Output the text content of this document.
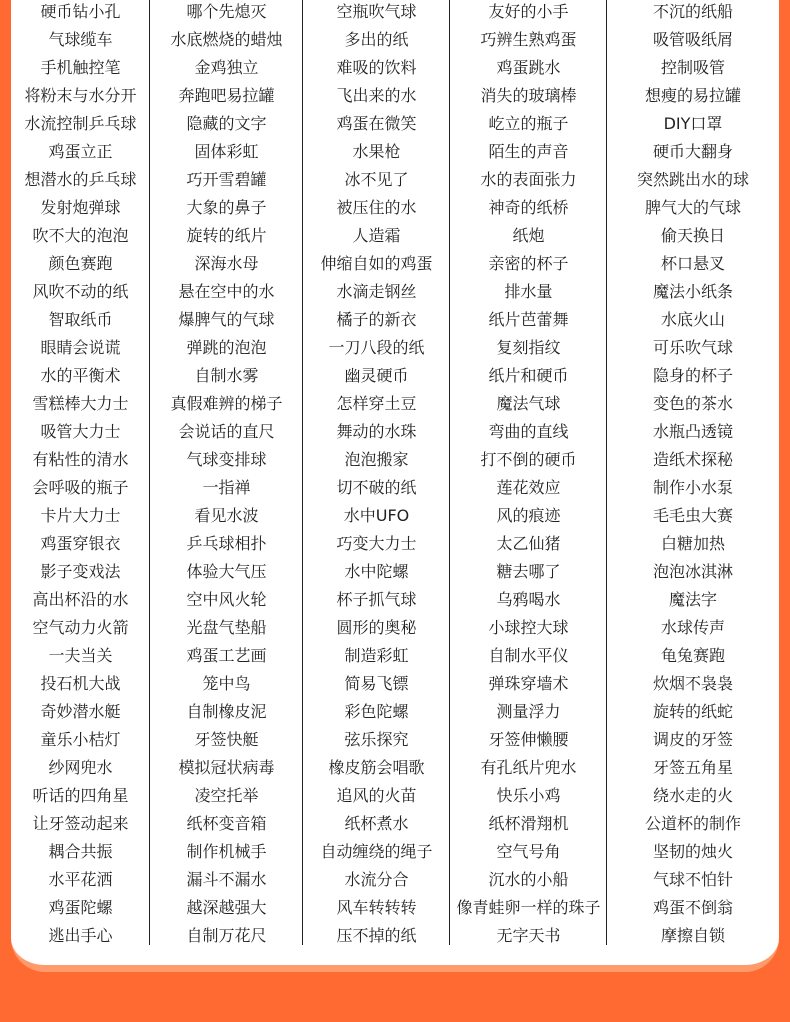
硬币钻小孔
气球缆车
手机触控笔
将粉末与水分开
水流控制乒乓球
鸡蛋立正
想潜水的乒乓球
发射炮弹球
吹不大的泡泡
颜色赛跑
风吹不动的纸
智取纸币
眼睛会说谎
水的平衡术
雪糕棒大力士
吸管大力士
有粘性的清水
会呼吸的瓶子
卡片大力士
鸡蛋穿银衣
影子变戏法
高出杯沿的水
空气动力火箭
一夫当关
投石机大战
奇妙潜水艇
童乐小桔灯
纱网兜水
听话的四角星
让牙签动起来
耦合共振
水平花洒
鸡蛋陀螺
逃出手心
哪个先熄灭
水底燃烧的蜡烛
金鸡独立
奔跑吧易拉罐
隐藏的文字
固体彩虹
巧开雪碧罐
大象的鼻子
旋转的纸片
深海水母
悬在空中的水
爆脾气的气球
弹跳的泡泡
自制水雾
真假难辨的梯子
会说话的直尺
气球变排球
一指禅
看见水波
乒乓球相扑
体验大气压
空中风火轮
光盘气垫船
鸡蛋工艺画
笼中鸟
自制橡皮泥
牙签快艇
模拟冠状病毒
凌空托举
纸杯变音箱
制作机械手
漏斗不漏水
越深越强大
自制万花尺
空瓶吹气球
多出的纸
难吸的饮料
飞出来的水
鸡蛋在微笑
水果枪
冰不见了
被压住的水
人造霜
伸缩自如的鸡蛋
水滴走钢丝
橘子的新衣
一刀八段的纸
幽灵硬币
怎样穿土豆
舞动的水珠
泡泡搬家
切不破的纸
水中UFO
巧变大力士
水中陀螺
杯子抓气球
圆形的奥秘
制造彩虹
简易飞镖
彩色陀螺
弦乐探究
橡皮筋会唱歌
追风的火苗
纸杯煮水
自动缠绕的绳子
水流分合
风车转转转
压不掉的纸
友好的小手
巧辨生熟鸡蛋
鸡蛋跳水
消失的玻璃棒
屹立的瓶子
陌生的声音
水的表面张力
神奇的纸桥
纸炮
亲密的杯子
排水量
纸片芭蕾舞
复刻指纹
纸片和硬币
魔法气球
弯曲的直线
打不倒的硬币
莲花效应
风的痕迹
太乙仙猪
糖去哪了
乌鸦喝水
小球控大球
自制水平仪
弹珠穿墙术
测量浮力
牙签伸懒腰
有孔纸片兜水
快乐小鸡
纸杯滑翔机
空气号角
沉水的小船
像青蛙卵一样的珠子
无字天书
不沉的纸船
吸管吸纸屑
控制吸管
想瘦的易拉罐
DIY口罩
硬币大翻身
突然跳出水的球
脾气大的气球
偷天换日
杯口悬叉
魔法小纸条
水底火山
可乐吹气球
隐身的杯子
变色的茶水
水瓶凸透镜
造纸术探秘
制作小水泵
毛毛虫大赛
白糖加热
泡泡冰淇淋
魔法字
水球传声
龟兔赛跑
炊烟不袅袅
旋转的纸蛇
调皮的牙签
牙签五角星
绕水走的火
公道杯的制作
坚韧的烛火
气球不怕针
鸡蛋不倒翁
摩擦自锁
